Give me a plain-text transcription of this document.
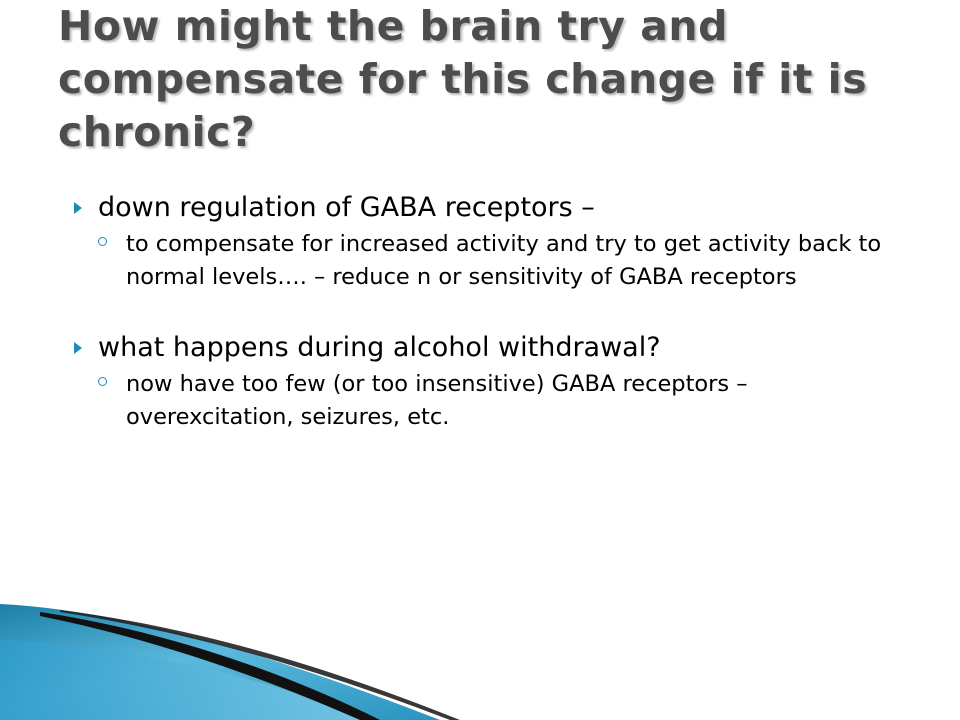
How might the brain try and compensate for this change if it is chronic?
down regulation of GABA receptors –
to compensate for increased activity and try to get activity back to normal levels…. – reduce n or sensitivity of GABA receptors
what happens during alcohol withdrawal?
now have too few (or too insensitive) GABA receptors – overexcitation, seizures, etc.
